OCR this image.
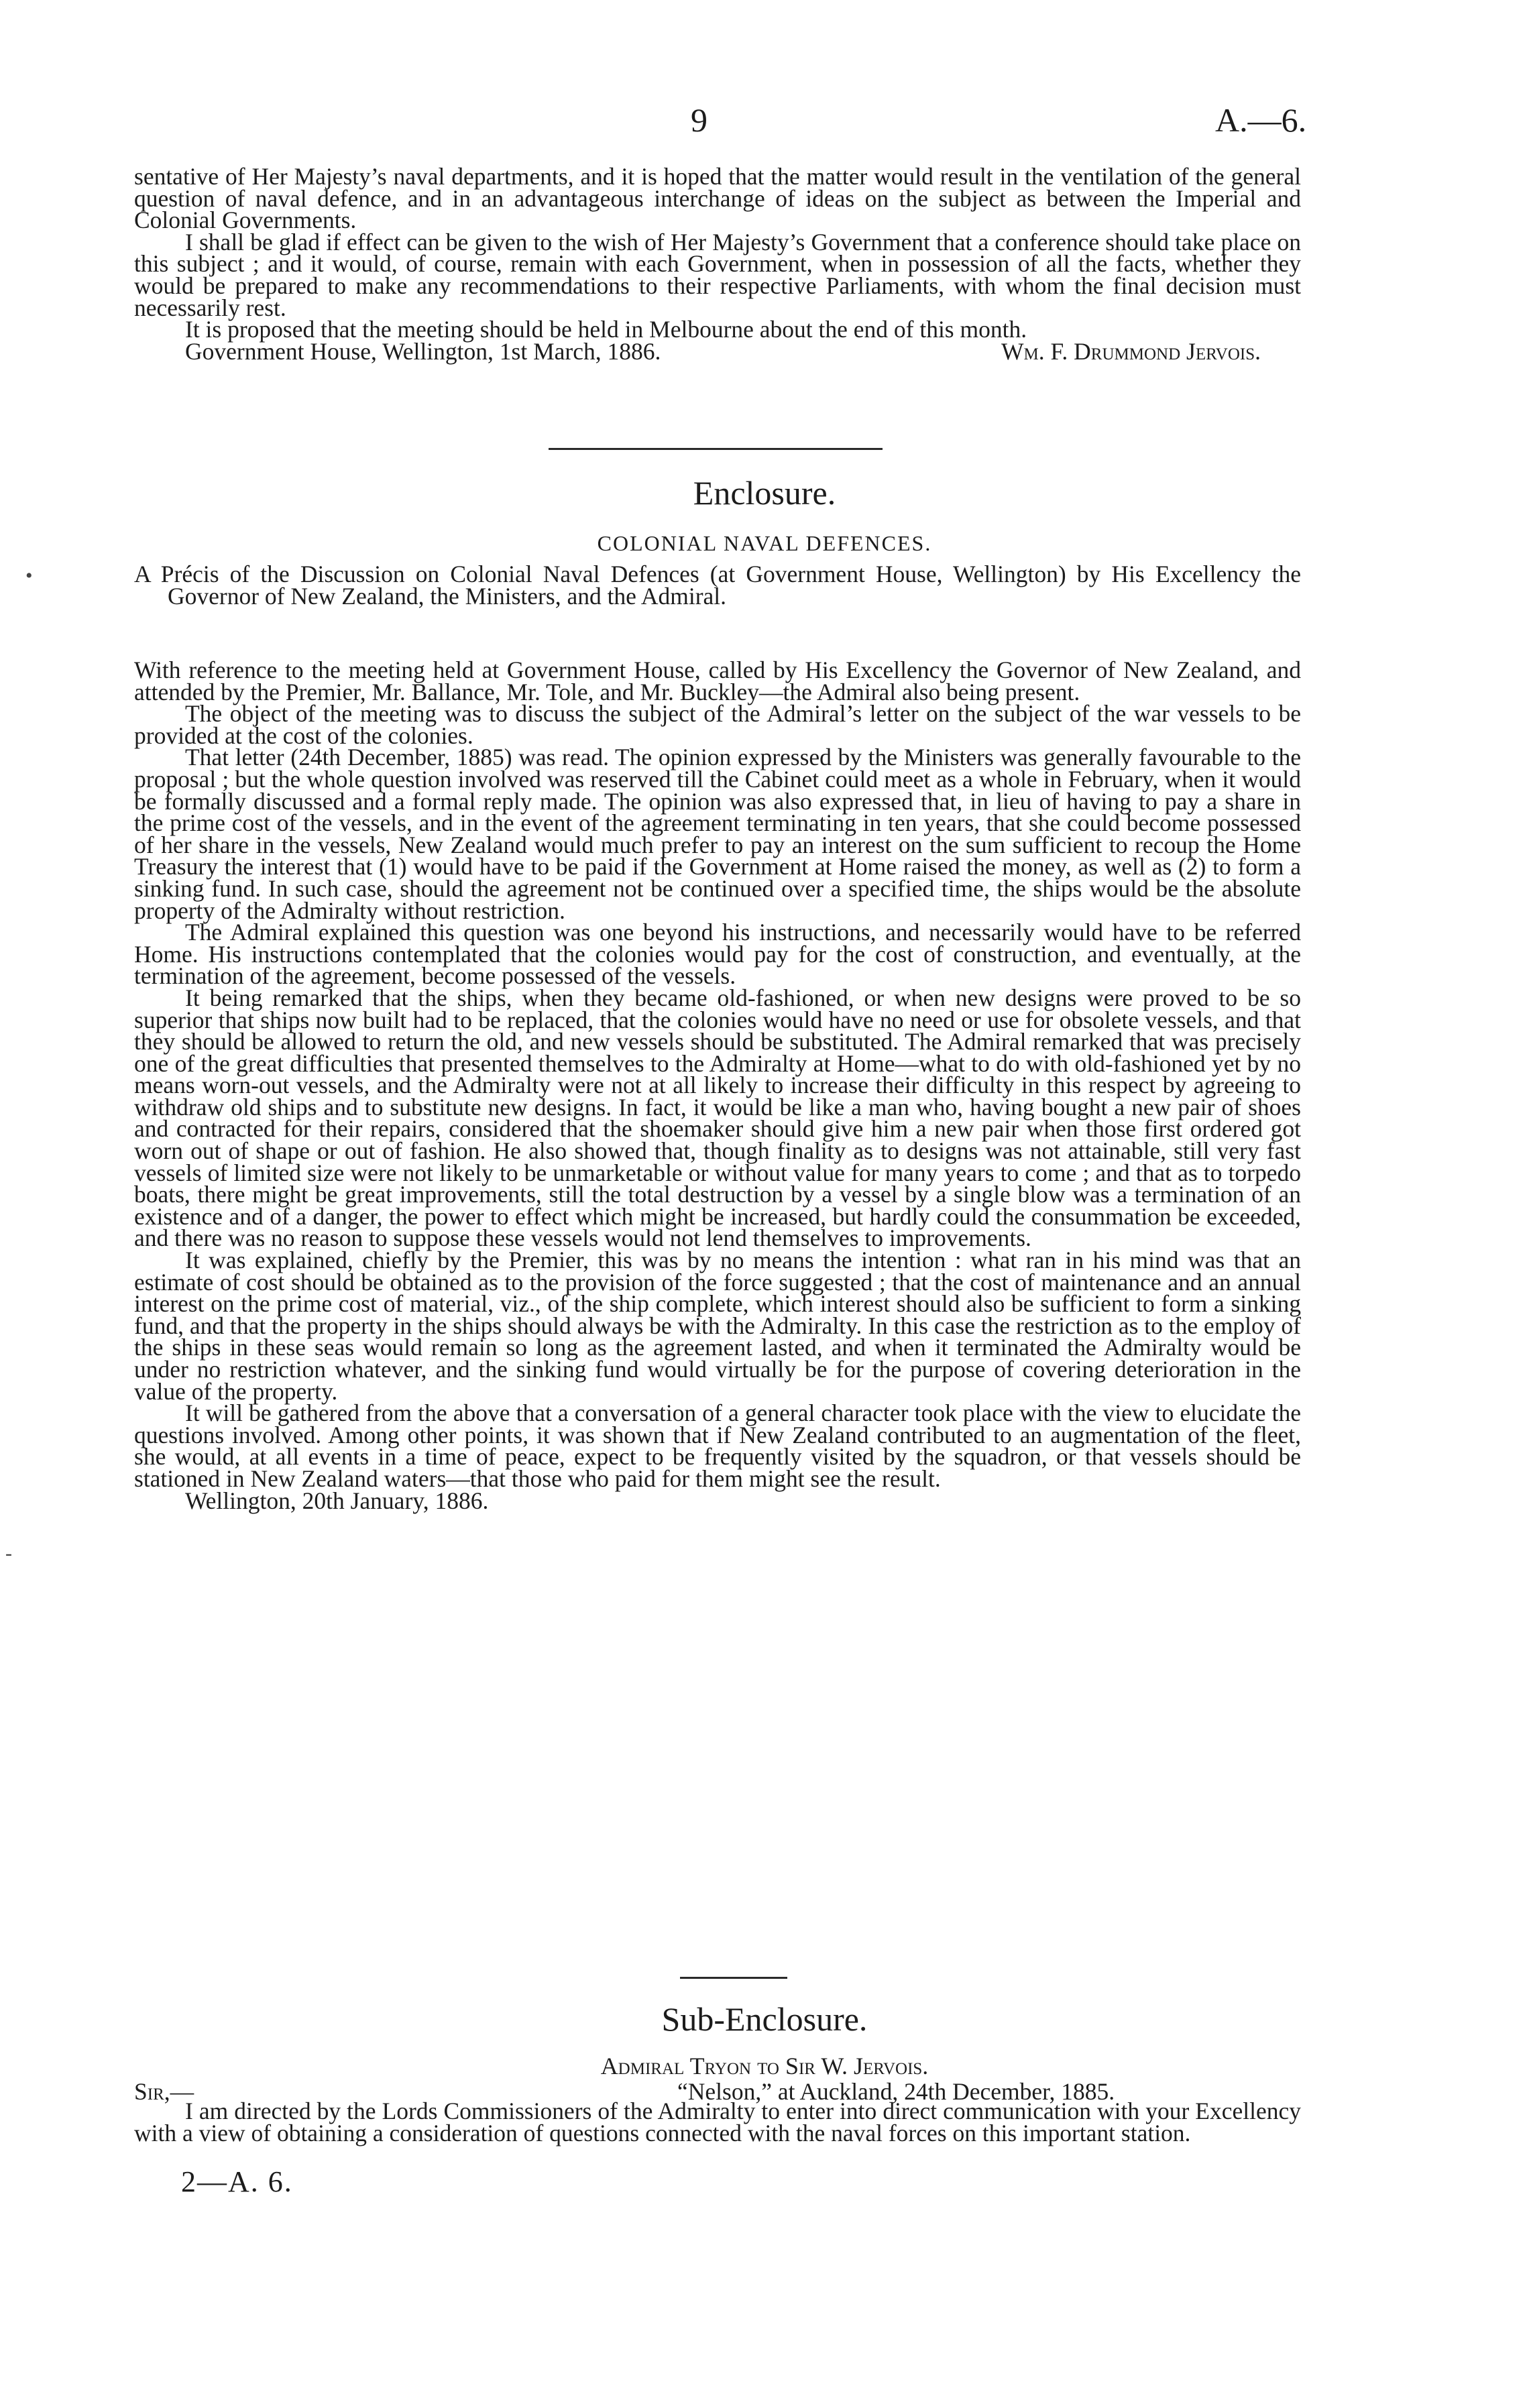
9	A.—6.

sentative of Her Majesty’s naval departments, and it is hoped that the matter would result in the ventilation of the general question of naval defence, and in an advantageous interchange of ideas on the subject as between the Imperial and Colonial Governments.

I shall be glad if effect can be given to the wish of Her Majesty’s Government that a conference should take place on this subject ; and it would, of course, remain with each Government, when in possession of all the facts, whether they would be prepared to make any recommendations to their respective Parliaments, with whom the final decision must necessarily rest.

It is proposed that the meeting should be held in Melbourne about the end of this month.

Government House, Wellington, 1st March, 1886.	Wm. F. Drummond Jervois.
Enclosure.
COLONIAL NAVAL DEFENCES.
•	A Précis of the Discussion on Colonial Naval Defences (at Government House, Wellington) by His Excellency the Governor of New Zealand, the Ministers, and the Admiral.

With reference to the meeting held at Government House, called by His Excellency the Governor of New Zealand, and attended by the Premier, Mr. Ballance, Mr. Tole, and Mr. Buckley—the Admiral also being present.

The object of the meeting was to discuss the subject of the Admiral’s letter on the subject of the war vessels to be provided at the cost of the colonies.

That letter (24th December, 1885) was read. The opinion expressed by the Ministers was generally favourable to the proposal ; but the whole question involved was reserved till the Cabinet could meet as a whole in February, when it would be formally discussed and a formal reply made. The opinion was also expressed that, in lieu of having to pay a share in the prime cost of the vessels, and in the event of the agreement terminating in ten years, that she could become possessed of her share in the vessels, New Zealand would much prefer to pay an interest on the sum sufficient to recoup the Home Treasury the interest that (1) would have to be paid if the Government at Home raised the money, as well as (2) to form a sinking fund. In such case, should the agreement not be continued over a specified time, the ships would be the absolute property of the Admiralty without restriction.

The Admiral explained this question was one beyond his instructions, and necessarily would have to be referred Home. His instructions contemplated that the colonies would pay for the cost of construction, and eventually, at the termination of the agreement, become possessed of the vessels.

It being remarked that the ships, when they became old-fashioned, or when new designs were proved to be so superior that ships now built had to be replaced, that the colonies would have no need or use for obsolete vessels, and that they should be allowed to return the old, and new vessels should be substituted. The Admiral remarked that was precisely one of the great difficulties that presented themselves to the Admiralty at Home—what to do with old-fashioned yet by no means worn-out vessels, and the Admiralty were not at all likely to increase their difficulty in this respect by agreeing to withdraw old ships and to substitute new designs. In fact, it would be like a man who, having bought a new pair of shoes and contracted for their repairs, considered that the shoemaker should give him a new pair when those first ordered got worn out of shape or out of fashion. He also showed that, though finality as to designs was not attainable, still very fast vessels of limited size were not likely to be unmarketable or without value for many years to come ; and that as to torpedo boats, there might be great improvements, still the total destruction by a vessel by a single blow was a termination of an existence and of a danger, the power to effect which might be increased, but hardly could the consummation be exceeded, and there was no reason to suppose these vessels would not lend themselves to improvements.

It was explained, chiefly by the Premier, this was by no means the intention : what ran in his mind was that an estimate of cost should be obtained as to the provision of the force suggested ; that the cost of maintenance and an annual interest on the prime cost of material, viz., of the ship complete, which interest should also be sufficient to form a sinking fund, and that the property in the ships should always be with the Admiralty. In this case the restriction as to the employ of the ships in these seas would remain so long as the agreement lasted, and when it terminated the Admiralty would be under no restriction whatever, and the sinking fund would virtually be for the purpose of covering deterioration in the value of the property.

It will be gathered from the above that a conversation of a general character took place with the view to elucidate the questions involved. Among other points, it was shown that if New Zealand contributed to an augmentation of the fleet, she would, at all events in a time of peace, expect to be frequently visited by the squadron, or that vessels should be stationed in New Zealand waters—that those who paid for them might see the result.

Wellington, 20th January, 1886.

-
Sub-Enclosure.
Admiral Tryon to Sir W. Jervois.
Sir,—	“Nelson,” at Auckland, 24th December, 1885.

I am directed by the Lords Commissioners of the Admiralty to enter into direct communication with your Excellency with a view of obtaining a consideration of questions connected with the naval forces on this important station.

2—A. 6.
